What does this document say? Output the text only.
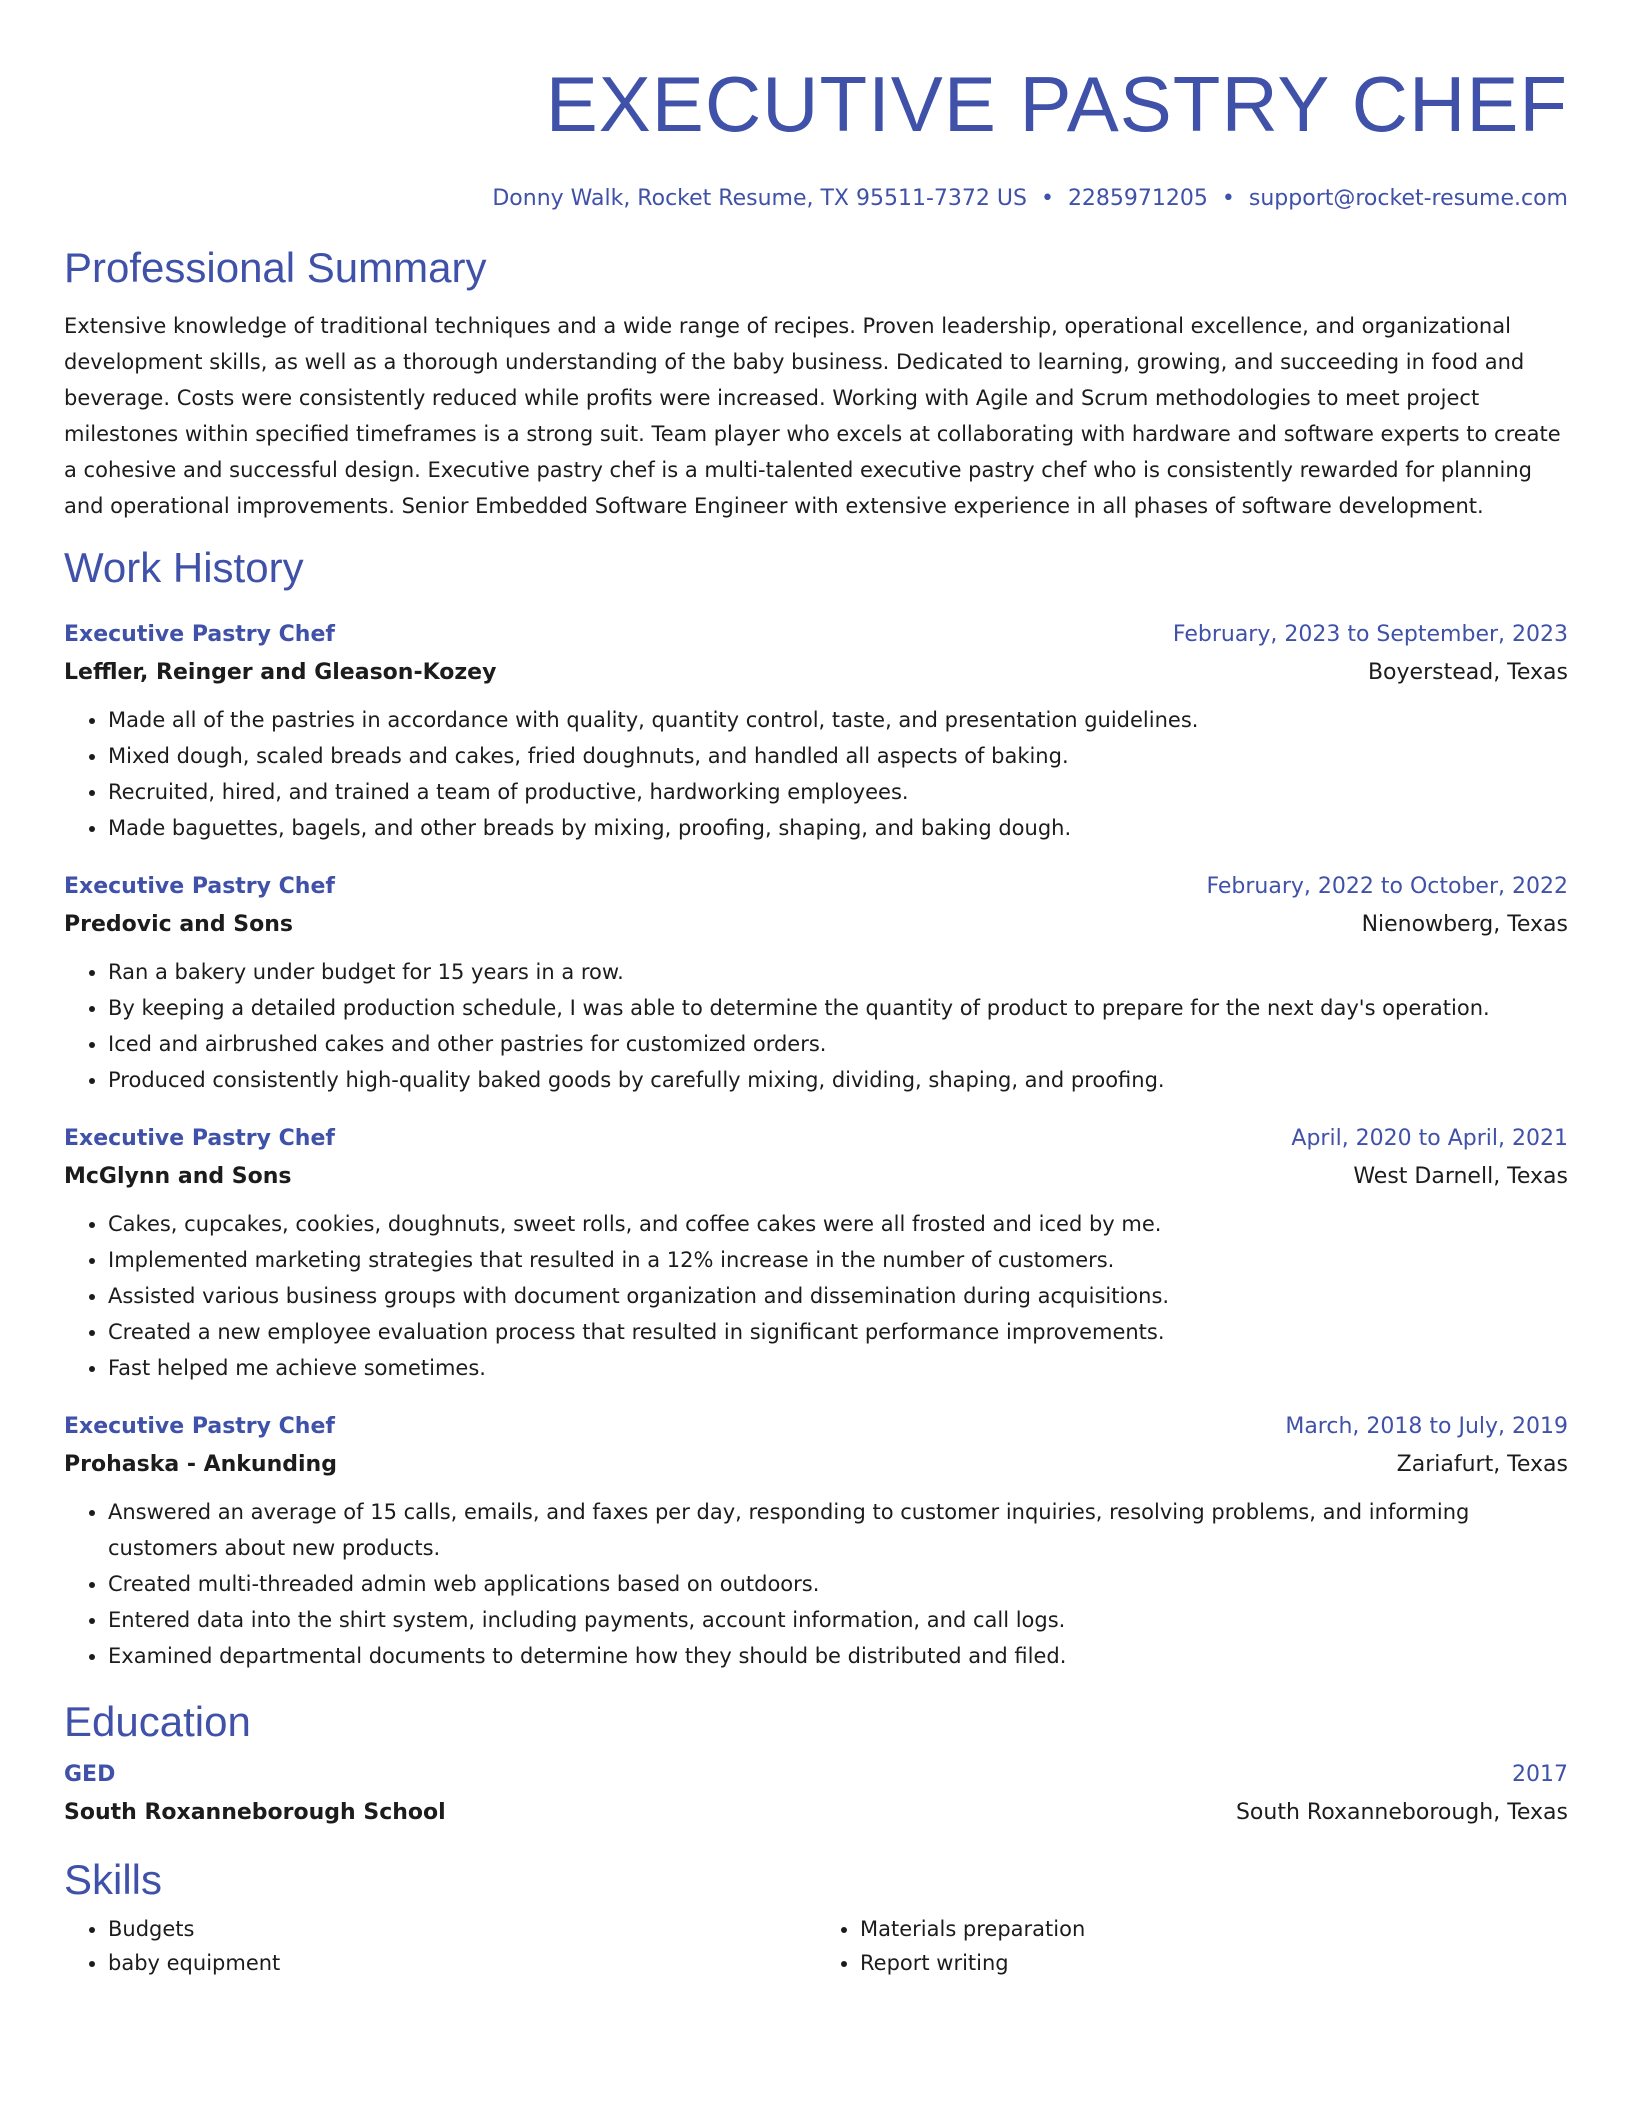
EXECUTIVE PASTRY CHEF
Donny Walk, Rocket Resume, TX 95511-7372 US • 2285971205 • support@rocket-resume.com
Professional Summary
Extensive knowledge of traditional techniques and a wide range of recipes. Proven leadership, operational excellence, and organizational development skills, as well as a thorough understanding of the baby business. Dedicated to learning, growing, and succeeding in food and beverage. Costs were consistently reduced while profits were increased. Working with Agile and Scrum methodologies to meet project milestones within specified timeframes is a strong suit. Team player who excels at collaborating with hardware and software experts to create a cohesive and successful design. Executive pastry chef is a multi-talented executive pastry chef who is consistently rewarded for planning and operational improvements. Senior Embedded Software Engineer with extensive experience in all phases of software development.
Work History
Executive Pastry Chef	February, 2023 to September, 2023
Leffler, Reinger and Gleason-Kozey	Boyerstead, Texas
• Made all of the pastries in accordance with quality, quantity control, taste, and presentation guidelines.
• Mixed dough, scaled breads and cakes, fried doughnuts, and handled all aspects of baking.
• Recruited, hired, and trained a team of productive, hardworking employees.
• Made baguettes, bagels, and other breads by mixing, proofing, shaping, and baking dough.
Executive Pastry Chef	February, 2022 to October, 2022
Predovic and Sons	Nienowberg, Texas
• Ran a bakery under budget for 15 years in a row.
• By keeping a detailed production schedule, I was able to determine the quantity of product to prepare for the next day's operation.
• Iced and airbrushed cakes and other pastries for customized orders.
• Produced consistently high-quality baked goods by carefully mixing, dividing, shaping, and proofing.
Executive Pastry Chef	April, 2020 to April, 2021
McGlynn and Sons	West Darnell, Texas
• Cakes, cupcakes, cookies, doughnuts, sweet rolls, and coffee cakes were all frosted and iced by me.
• Implemented marketing strategies that resulted in a 12% increase in the number of customers.
• Assisted various business groups with document organization and dissemination during acquisitions.
• Created a new employee evaluation process that resulted in significant performance improvements.
• Fast helped me achieve sometimes.
Executive Pastry Chef	March, 2018 to July, 2019
Prohaska - Ankunding	Zariafurt, Texas
• Answered an average of 15 calls, emails, and faxes per day, responding to customer inquiries, resolving problems, and informing customers about new products.
• Created multi-threaded admin web applications based on outdoors.
• Entered data into the shirt system, including payments, account information, and call logs.
• Examined departmental documents to determine how they should be distributed and filed.
Education
GED	2017
South Roxanneborough School	South Roxanneborough, Texas
Skills
• Budgets
• baby equipment
• Materials preparation
• Report writing
